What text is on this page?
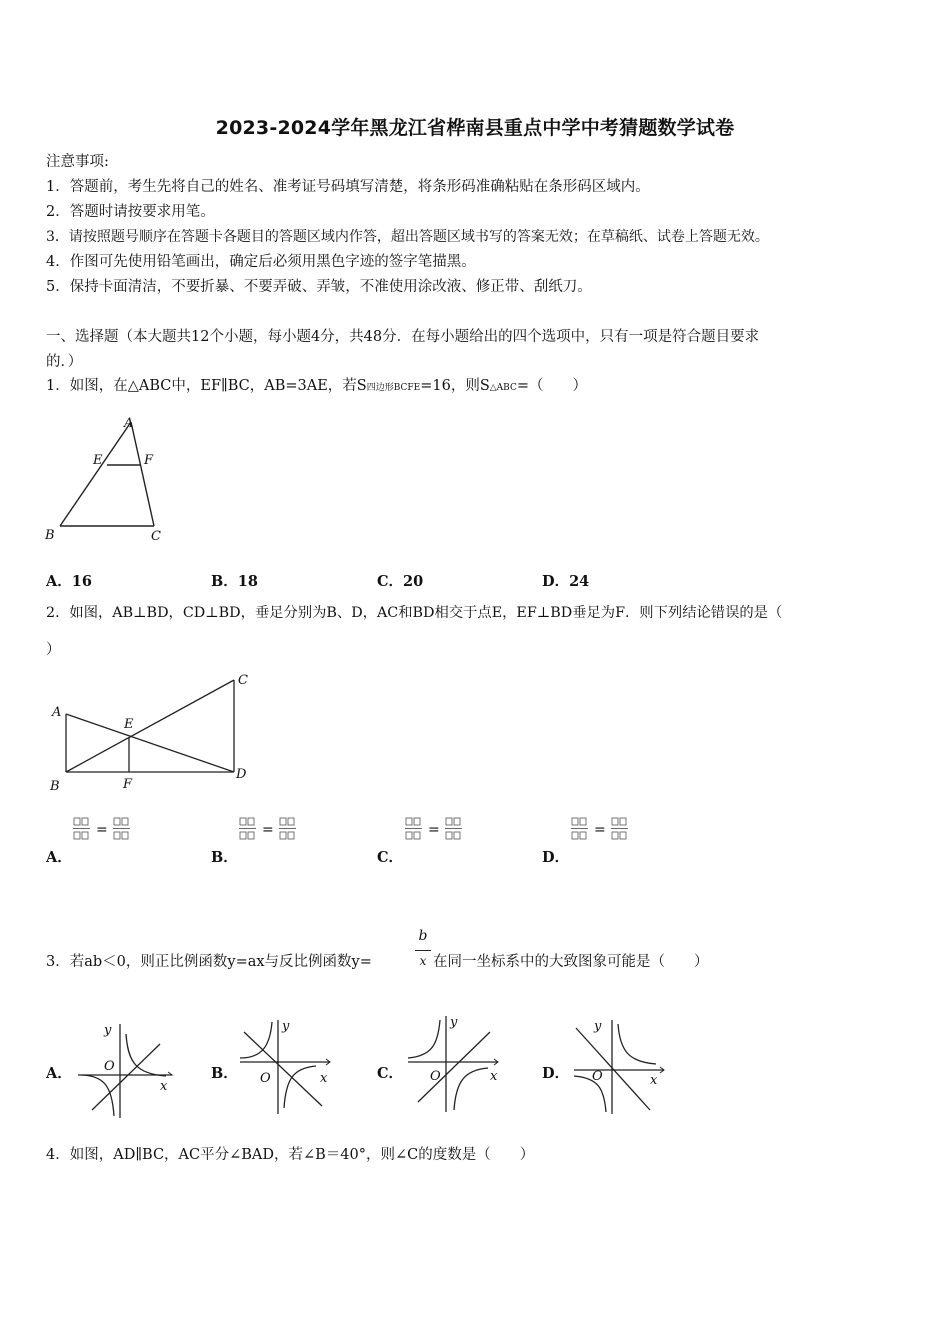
2023-2024学年黑龙江省桦南县重点中学中考猜题数学试卷
注意事项:
1．答题前，考生先将自己的姓名、准考证号码填写清楚，将条形码准确粘贴在条形码区域内。
2．答题时请按要求用笔。
3．请按照题号顺序在答题卡各题目的答题区域内作答，超出答题区域书写的答案无效；在草稿纸、试卷上答题无效。
4．作图可先使用铅笔画出，确定后必须用黑色字迹的签字笔描黑。
5．保持卡面清洁，不要折暴、不要弄破、弄皱，不准使用涂改液、修正带、刮纸刀。
一、选择题（本大题共12个小题，每小题4分，共48分．在每小题给出的四个选项中，只有一项是符合题目要求
的．）
1．如图，在△ABC中，EF∥BC，AB=3AE，若S四边形BCFE=16，则S△ABC=（　　）
A
E	F
B	C
A．16	B．18	C．20	D．24
2．如图，AB⊥BD，CD⊥BD，垂足分别为B、D，AC和BD相交于点E，EF⊥BD垂足为F．则下列结论错误的是（
）
A
C
E
B	F
D
=	=	=	=
A．	B．	C．	D．
3．若ab＜0，则正比例函数y=ax与反比例函数y=
b
x 在同一坐标系中的大致图象可能是（　　）
y
x
O
y
x
O
y
x
O
y
x
O
A．	B．	C．	D．
4．如图，AD∥BC，AC平分∠BAD，若∠B＝40°，则∠C的度数是（　　）
